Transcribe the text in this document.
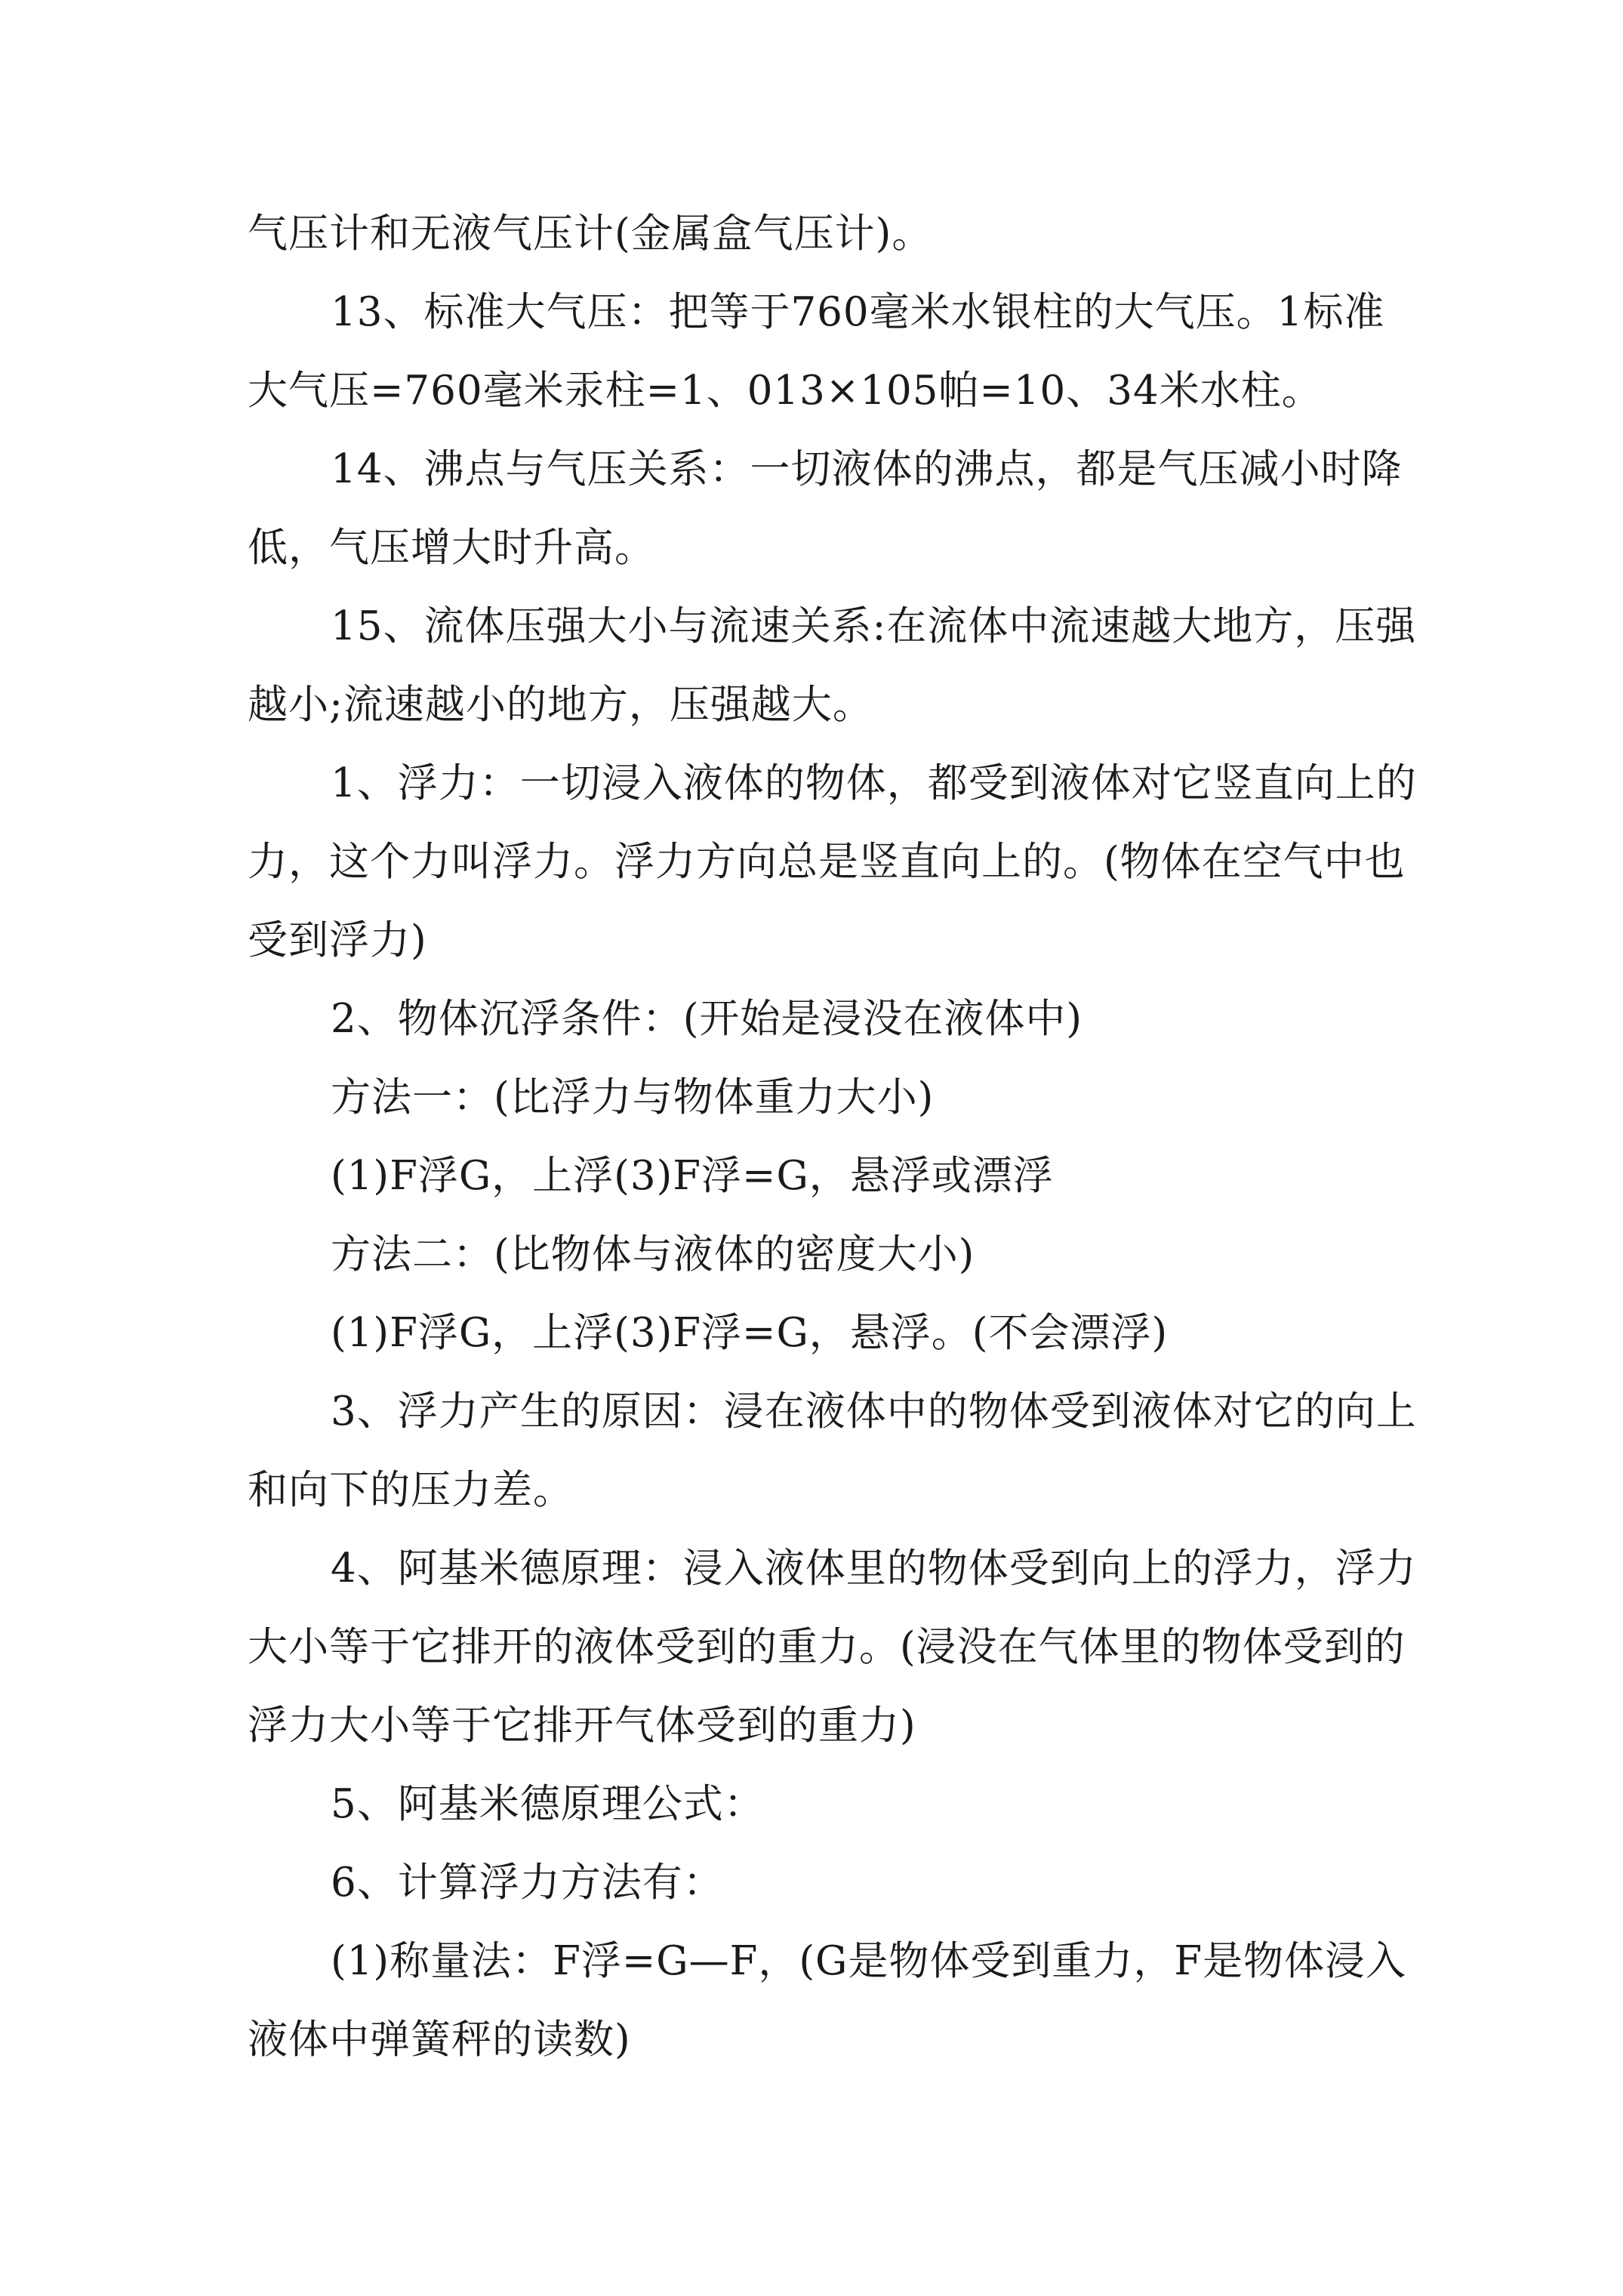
气压计和无液气压计(金属盒气压计)。

13、标准大气压：把等于760毫米水银柱的大气压。1标准大气压=760毫米汞柱=1、013×105帕=10、34米水柱。

14、沸点与气压关系：一切液体的沸点，都是气压减小时降低，气压增大时升高。

15、流体压强大小与流速关系:在流体中流速越大地方，压强越小;流速越小的地方，压强越大。

1、浮力：一切浸入液体的物体，都受到液体对它竖直向上的力，这个力叫浮力。浮力方向总是竖直向上的。(物体在空气中也受到浮力)

2、物体沉浮条件：(开始是浸没在液体中)

方法一：(比浮力与物体重力大小)

(1)F浮G，上浮(3)F浮=G，悬浮或漂浮

方法二：(比物体与液体的密度大小)

(1)F浮G，上浮(3)F浮=G，悬浮。(不会漂浮)

3、浮力产生的原因：浸在液体中的物体受到液体对它的向上和向下的压力差。

4、阿基米德原理：浸入液体里的物体受到向上的浮力，浮力大小等于它排开的液体受到的重力。(浸没在气体里的物体受到的浮力大小等于它排开气体受到的重力)

5、阿基米德原理公式：

6、计算浮力方法有：

(1)称量法：F浮=G—F，(G是物体受到重力，F是物体浸入液体中弹簧秤的读数)
